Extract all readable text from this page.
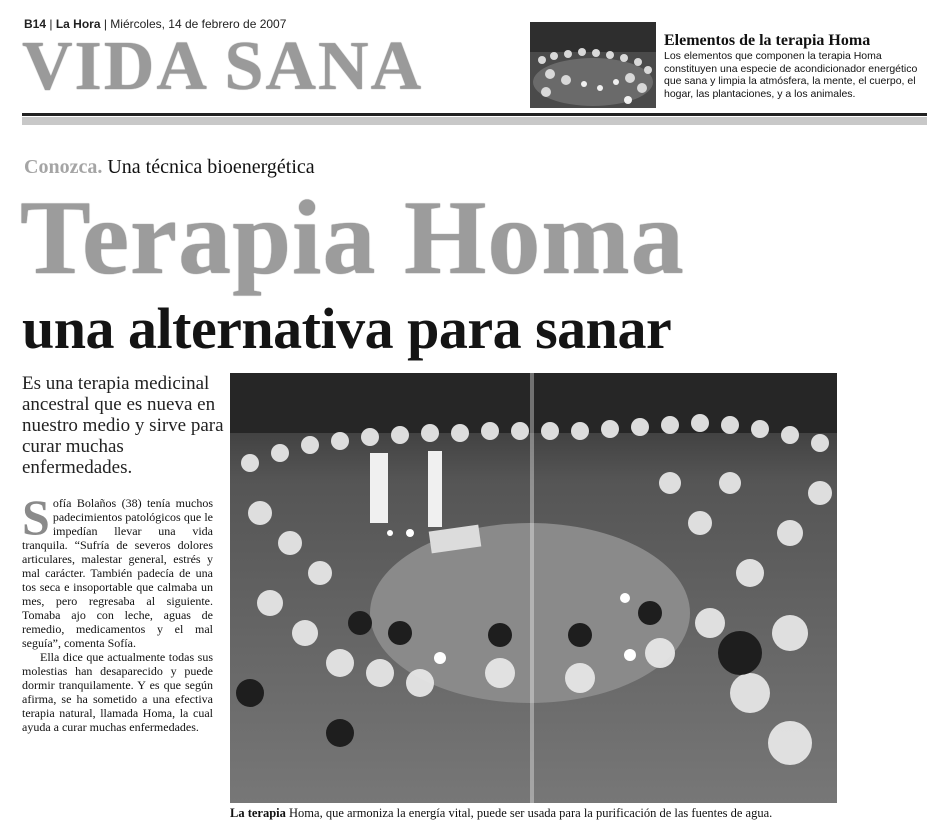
B14 | La Hora | Miércoles, 14 de febrero de 2007
VIDA SANA	Elementos de la terapia Homa
Los elementos que componen la terapia Homa constituyen una especie de acondicionador energético que sana y limpia la atmósfera, la mente, el cuerpo, el hogar, las plantaciones, y a los animales.
Conozca. Una técnica bioenergética
Terapia Homa
una alternativa para sanar
Es una terapia medicinal ancestral que es nueva en nuestro medio y sirve para curar muchas enfermedades.

Sofía Bolaños (38) tenía muchos padecimientos patológicos que le impedían llevar una vida tranquila. “Sufría de severos dolores articulares, malestar general, estrés y mal carácter. También padecía de una tos seca e insoportable que calmaba un mes, pero regresaba al siguiente. Tomaba ajo con leche, aguas de remedio, medicamentos y el mal seguía”, comenta Sofía.

Ella dice que actualmente todas sus molestias han desaparecido y puede dormir tranquilamente. Y es que según afirma, se ha sometido a una efectiva terapia natural, llamada Homa, la cual ayuda a curar muchas enfermedades.

La terapia Homa, que armoniza la energía vital, puede ser usada para la purificación de las fuentes de agua.
